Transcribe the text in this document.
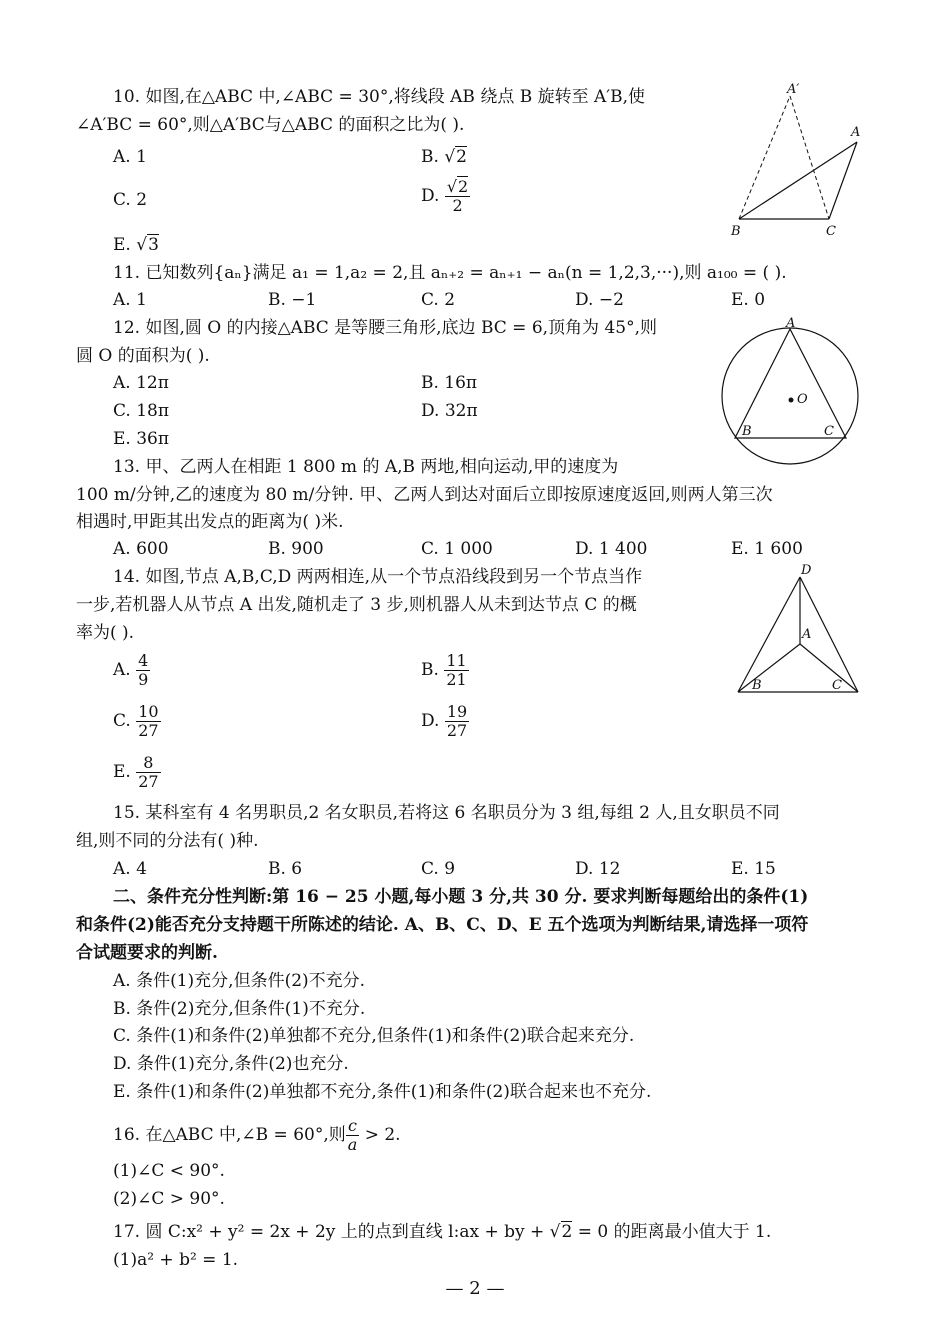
10. 如图,在△ABC 中,∠ABC = 30°,将线段 AB 绕点 B 旋转至 A′B,使
∠A′BC = 60°,则△A′BC与△ABC 的面积之比为( ).
A. 1	B. √2
C. 2	D. $\frac{√2}{2}$
E. √3
A′
A
B	C
11. 已知数列{aₙ}满足 a₁ = 1,a₂ = 2,且 aₙ₊₂ = aₙ₊₁ − aₙ(n = 1,2,3,···),则 a₁₀₀ = ( ).
A. 1	B. −1	C. 2	D. −2	E. 0
12. 如图,圆 O 的内接△ABC 是等腰三角形,底边 BC = 6,顶角为 45°,则
圆 O 的面积为( ).
A. 12π	B. 16π
C. 18π	D. 32π
E. 36π
A
B	C
O
13. 甲、乙两人在相距 1 800 m 的 A,B 两地,相向运动,甲的速度为
100 m/分钟,乙的速度为 80 m/分钟. 甲、乙两人到达对面后立即按原速度返回,则两人第三次
相遇时,甲距其出发点的距离为( )米.
A. 600	B. 900	C. 1 000	D. 1 400	E. 1 600
14. 如图,节点 A,B,C,D 两两相连,从一个节点沿线段到另一个节点当作
一步,若机器人从节点 A 出发,随机走了 3 步,则机器人从未到达节点 C 的概
率为( ).
A. $\frac{4}{9}$	B. $\frac{11}{21}$
C. $\frac{10}{27}$	D. $\frac{19}{27}$
E. $\frac{8}{27}$
D
A
B	C
15. 某科室有 4 名男职员,2 名女职员,若将这 6 名职员分为 3 组,每组 2 人,且女职员不同
组,则不同的分法有( )种.
A. 4	B. 6	C. 9	D. 12	E. 15
二、条件充分性判断:第 16 − 25 小题,每小题 3 分,共 30 分. 要求判断每题给出的条件(1)
和条件(2)能否充分支持题干所陈述的结论. A、B、C、D、E 五个选项为判断结果,请选择一项符
合试题要求的判断.
A. 条件(1)充分,但条件(2)不充分.
B. 条件(2)充分,但条件(1)不充分.
C. 条件(1)和条件(2)单独都不充分,但条件(1)和条件(2)联合起来充分.
D. 条件(1)充分,条件(2)也充分.
E. 条件(1)和条件(2)单独都不充分,条件(1)和条件(2)联合起来也不充分.
16. 在△ABC 中,∠B = 60°,则 $\frac{c}{a} > 2$.
(1)∠C < 90°.
(2)∠C > 90°.
17. 圆 C:x² + y² = 2x + 2y 上的点到直线 l:ax + by + √2 = 0 的距离最小值大于 1.
(1)a² + b² = 1.
— 2 —
